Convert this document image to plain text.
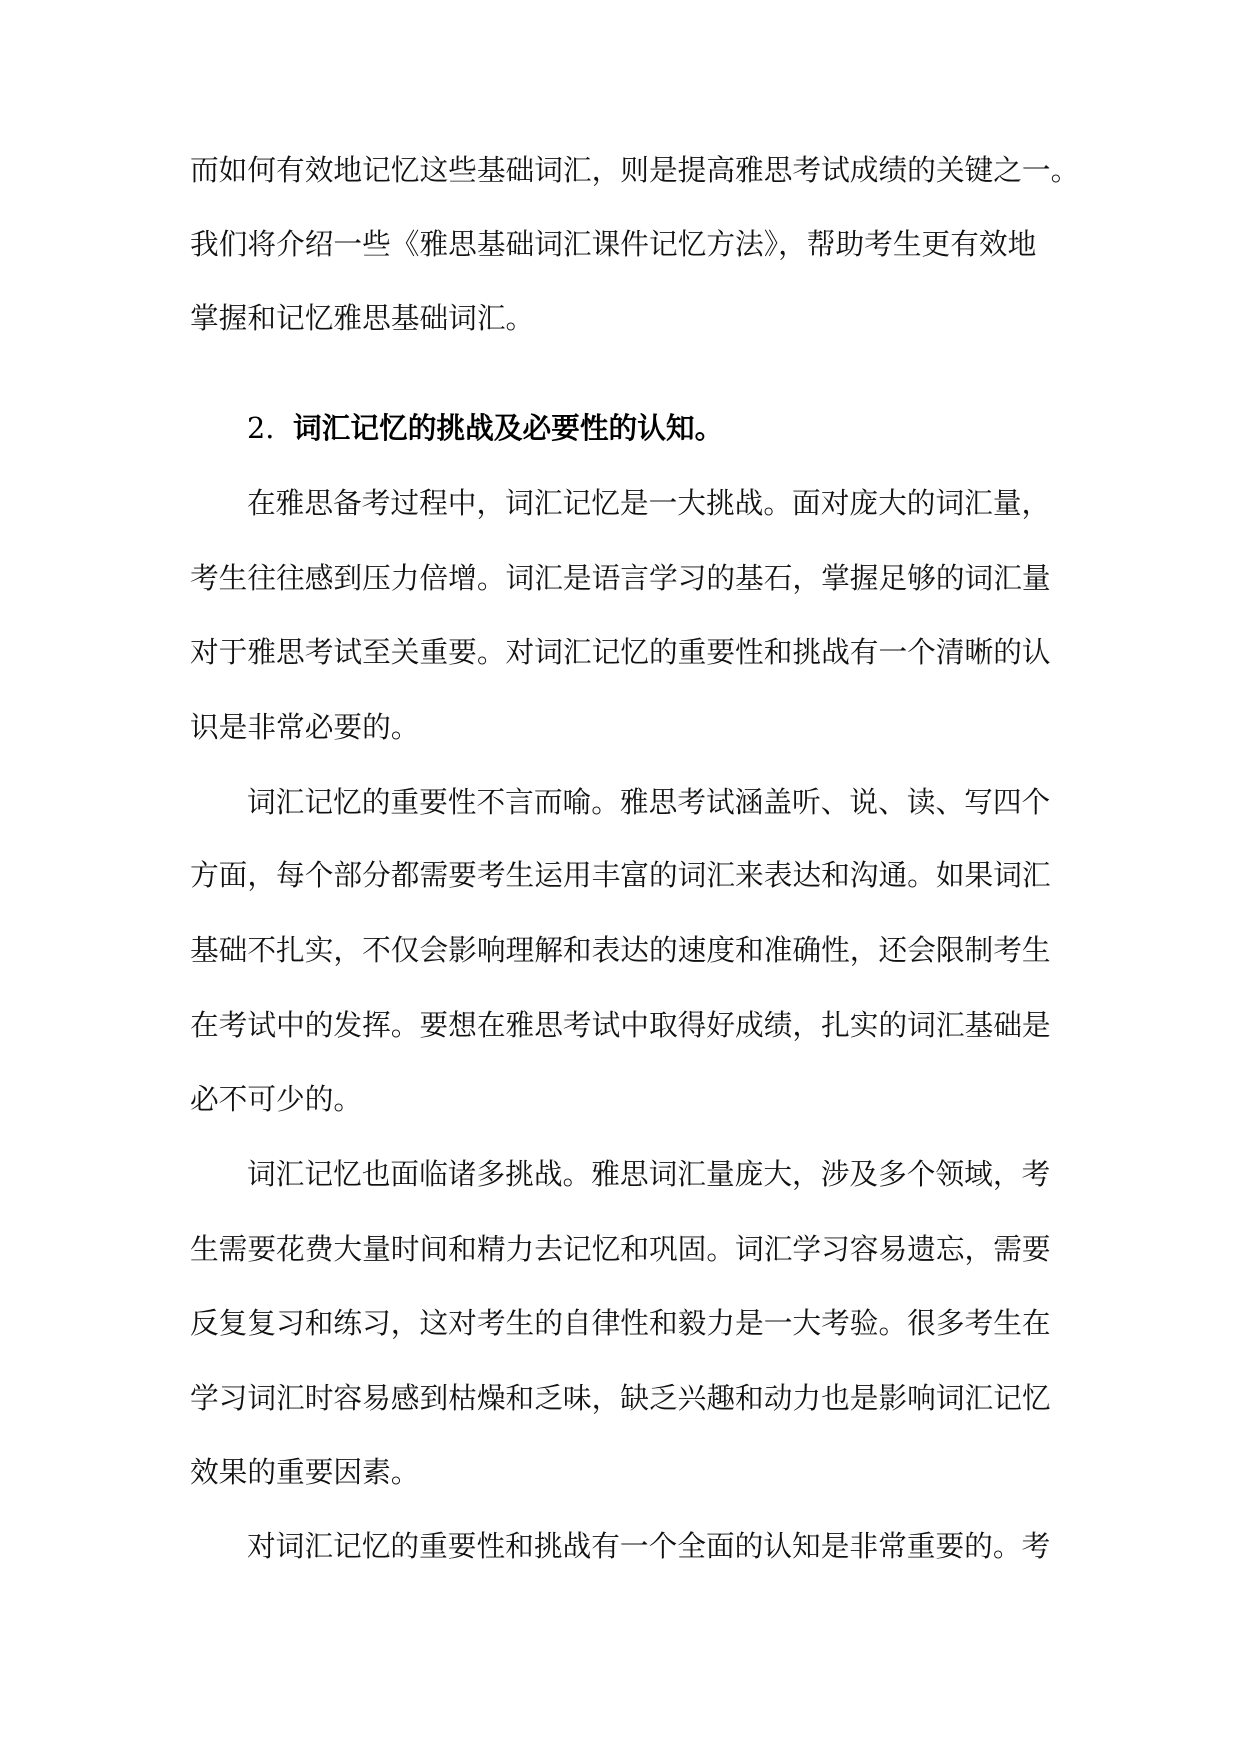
而如何有效地记忆这些基础词汇，则是提高雅思考试成绩的关键之一。
我们将介绍一些《雅思基础词汇课件记忆方法》，帮助考生更有效地
掌握和记忆雅思基础词汇。
2. 词汇记忆的挑战及必要性的认知。
在雅思备考过程中，词汇记忆是一大挑战。面对庞大的词汇量，
考生往往感到压力倍增。词汇是语言学习的基石，掌握足够的词汇量
对于雅思考试至关重要。对词汇记忆的重要性和挑战有一个清晰的认
识是非常必要的。
词汇记忆的重要性不言而喻。雅思考试涵盖听、说、读、写四个
方面，每个部分都需要考生运用丰富的词汇来表达和沟通。如果词汇
基础不扎实，不仅会影响理解和表达的速度和准确性，还会限制考生
在考试中的发挥。要想在雅思考试中取得好成绩，扎实的词汇基础是
必不可少的。
词汇记忆也面临诸多挑战。雅思词汇量庞大，涉及多个领域，考
生需要花费大量时间和精力去记忆和巩固。词汇学习容易遗忘，需要
反复复习和练习，这对考生的自律性和毅力是一大考验。很多考生在
学习词汇时容易感到枯燥和乏味，缺乏兴趣和动力也是影响词汇记忆
效果的重要因素。
对词汇记忆的重要性和挑战有一个全面的认知是非常重要的。考
